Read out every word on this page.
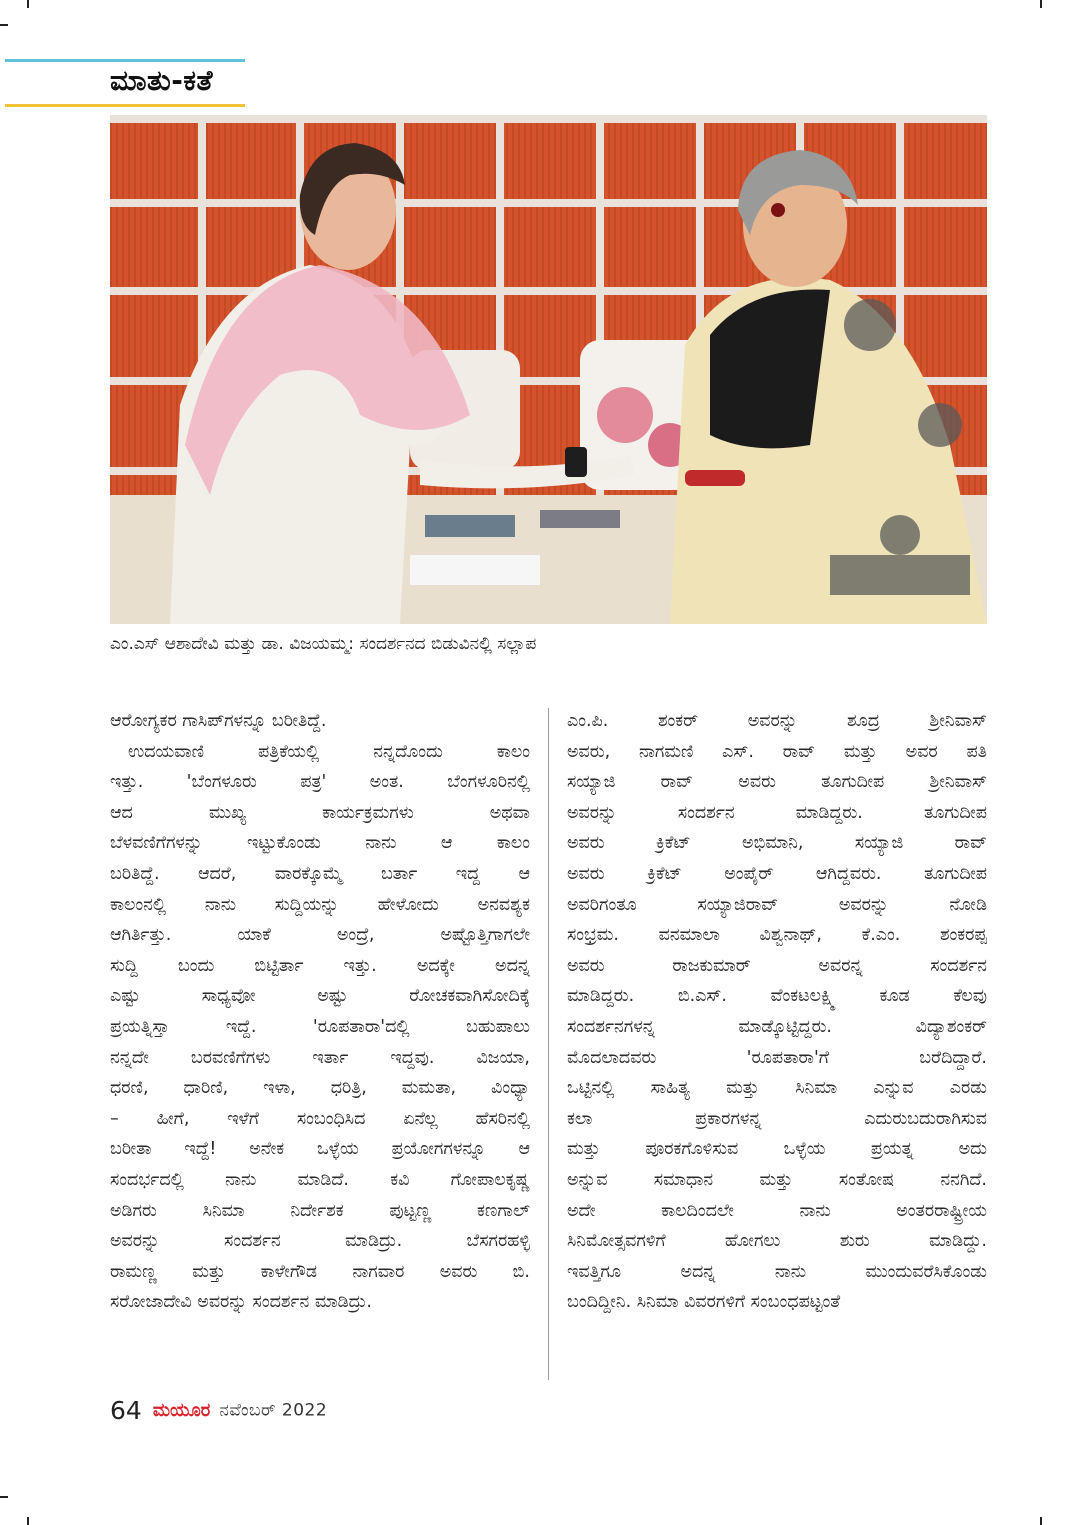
ಮಾತು-ಕತೆ
ಎಂ.ಎಸ್‌ ಆಶಾದೇವಿ ಮತ್ತು ಡಾ. ವಿಜಯಮ್ಮ: ಸಂದರ್ಶನದ ಬಿಡುವಿನಲ್ಲಿ ಸಲ್ಲಾಪ
ಆರೋಗ್ಯಕರ ಗಾಸಿಪ್‌ಗಳನ್ನೂ ಬರೀತಿದ್ದೆ.
ಉದಯವಾಣಿ ಪತ್ರಿಕೆಯಲ್ಲಿ ನನ್ನದೊಂದು ಕಾಲಂ
ಇತ್ತು. 'ಬೆಂಗಳೂರು ಪತ್ರ' ಅಂತ. ಬೆಂಗಳೂರಿನಲ್ಲಿ
ಆದ ಮುಖ್ಯ ಕಾರ್ಯಕ್ರಮಗಳು ಅಥವಾ
ಬೆಳವಣಿಗೆಗಳನ್ನು ಇಟ್ಟುಕೊಂಡು ನಾನು ಆ ಕಾಲಂ
ಬರಿತಿದ್ದೆ. ಆದರೆ, ವಾರಕ್ಕೊಮ್ಮೆ ಬರ್ತಾ ಇದ್ದ ಆ
ಕಾಲಂನಲ್ಲಿ ನಾನು ಸುದ್ದಿಯನ್ನು ಹೇಳೋದು ಅನವಶ್ಯಕ
ಆಗಿರ್ತಿತ್ತು. ಯಾಕೆ ಅಂದ್ರೆ, ಅಷ್ಟೊತ್ತಿಗಾಗಲೇ
ಸುದ್ದಿ ಬಂದು ಬಿಟ್ಟಿರ್ತಾ ಇತ್ತು. ಅದಕ್ಕೇ ಅದನ್ನ
ಎಷ್ಟು ಸಾಧ್ಯವೋ ಅಷ್ಟು ರೋಚಕವಾಗಿಸೋದಿಕ್ಕೆ
ಪ್ರಯತ್ನಿಸ್ತಾ ಇದ್ದೆ. 'ರೂಪತಾರಾ'ದಲ್ಲಿ ಬಹುಪಾಲು
ನನ್ನದೇ ಬರವಣಿಗೆಗಳು ಇರ್ತಾ ಇದ್ದವು. ವಿಜಯಾ,
ಧರಣಿ, ಧಾರಿಣಿ, ಇಳಾ, ಧರಿತ್ರಿ, ಮಮತಾ, ವಿಂಧ್ಯಾ
– ಹೀಗೆ, ಇಳೆಗೆ ಸಂಬಂಧಿಸಿದ ಏನೆಲ್ಲ ಹೆಸರಿನಲ್ಲಿ
ಬರೀತಾ ಇದ್ದೆ! ಅನೇಕ ಒಳ್ಳೆಯ ಪ್ರಯೋಗಗಳನ್ನೂ ಆ
ಸಂದರ್ಭದಲ್ಲಿ ನಾನು ಮಾಡಿದೆ. ಕವಿ ಗೋಪಾಲಕೃಷ್ಣ
ಅಡಿಗರು ಸಿನಿಮಾ ನಿರ್ದೇಶಕ ಪುಟ್ಟಣ್ಣ ಕಣಗಾಲ್
ಅವರನ್ನು ಸಂದರ್ಶನ ಮಾಡಿದ್ರು. ಬೆಸಗರಹಳ್ಳಿ
ರಾಮಣ್ಣ ಮತ್ತು ಕಾಳೇಗೌಡ ನಾಗವಾರ ಅವರು ಬಿ.
ಸರೋಜಾದೇವಿ ಅವರನ್ನು ಸಂದರ್ಶನ ಮಾಡಿದ್ರು.
ಎಂ.ಪಿ. ಶಂಕರ್ ಅವರನ್ನು ಶೂದ್ರ ಶ್ರೀನಿವಾಸ್
ಅವರು, ನಾಗಮಣಿ ಎಸ್. ರಾವ್ ಮತ್ತು ಅವರ ಪತಿ
ಸಯ್ಯಾಜಿ ರಾವ್ ಅವರು ತೂಗುದೀಪ ಶ್ರೀನಿವಾಸ್
ಅವರನ್ನು ಸಂದರ್ಶನ ಮಾಡಿದ್ದರು. ತೂಗುದೀಪ
ಅವರು ಕ್ರಿಕೆಟ್ ಅಭಿಮಾನಿ, ಸಯ್ಯಾಜಿ ರಾವ್
ಅವರು ಕ್ರಿಕೆಟ್ ಅಂಪೈರ್ ಆಗಿದ್ದವರು. ತೂಗುದೀಪ
ಅವರಿಗಂತೂ ಸಯ್ಯಾಜಿರಾವ್ ಅವರನ್ನು ನೋಡಿ
ಸಂಭ್ರಮ. ವನಮಾಲಾ ವಿಶ್ವನಾಥ್, ಕೆ.ಎಂ. ಶಂಕರಪ್ಪ
ಅವರು ರಾಜಕುಮಾರ್ ಅವರನ್ನ ಸಂದರ್ಶನ
ಮಾಡಿದ್ದರು. ಬಿ.ಎಸ್. ವೆಂಕಟಲಕ್ಷ್ಮಿ ಕೂಡ ಕೆಲವು
ಸಂದರ್ಶನಗಳನ್ನ ಮಾಡ್ಕೊಟ್ಟಿದ್ದರು. ವಿದ್ಯಾಶಂಕರ್
ಮೊದಲಾದವರು 'ರೂಪತಾರಾ'ಗೆ ಬರೆದಿದ್ದಾರೆ.
ಒಟ್ಟಿನಲ್ಲಿ ಸಾಹಿತ್ಯ ಮತ್ತು ಸಿನಿಮಾ ಎನ್ನುವ ಎರಡು
ಕಲಾ ಪ್ರಕಾರಗಳನ್ನ ಎದುರುಬದುರಾಗಿಸುವ
ಮತ್ತು ಪೂರಕಗೊಳಿಸುವ ಒಳ್ಳೆಯ ಪ್ರಯತ್ನ ಅದು
ಅನ್ನುವ ಸಮಾಧಾನ ಮತ್ತು ಸಂತೋಷ ನನಗಿದೆ.
ಅದೇ ಕಾಲದಿಂದಲೇ ನಾನು ಅಂತರರಾಷ್ಟ್ರೀಯ
ಸಿನಿಮೋತ್ಸವಗಳಿಗೆ ಹೋಗಲು ಶುರು ಮಾಡಿದ್ದು.
ಇವತ್ತಿಗೂ ಅದನ್ನ ನಾನು ಮುಂದುವರೆಸಿಕೊಂಡು
ಬಂದಿದ್ದೀನಿ. ಸಿನಿಮಾ ವಿವರಗಳಿಗೆ ಸಂಬಂಧಪಟ್ಟಂತೆ
64 ಮಯೂರ ನವೆಂಬರ್ 2022
